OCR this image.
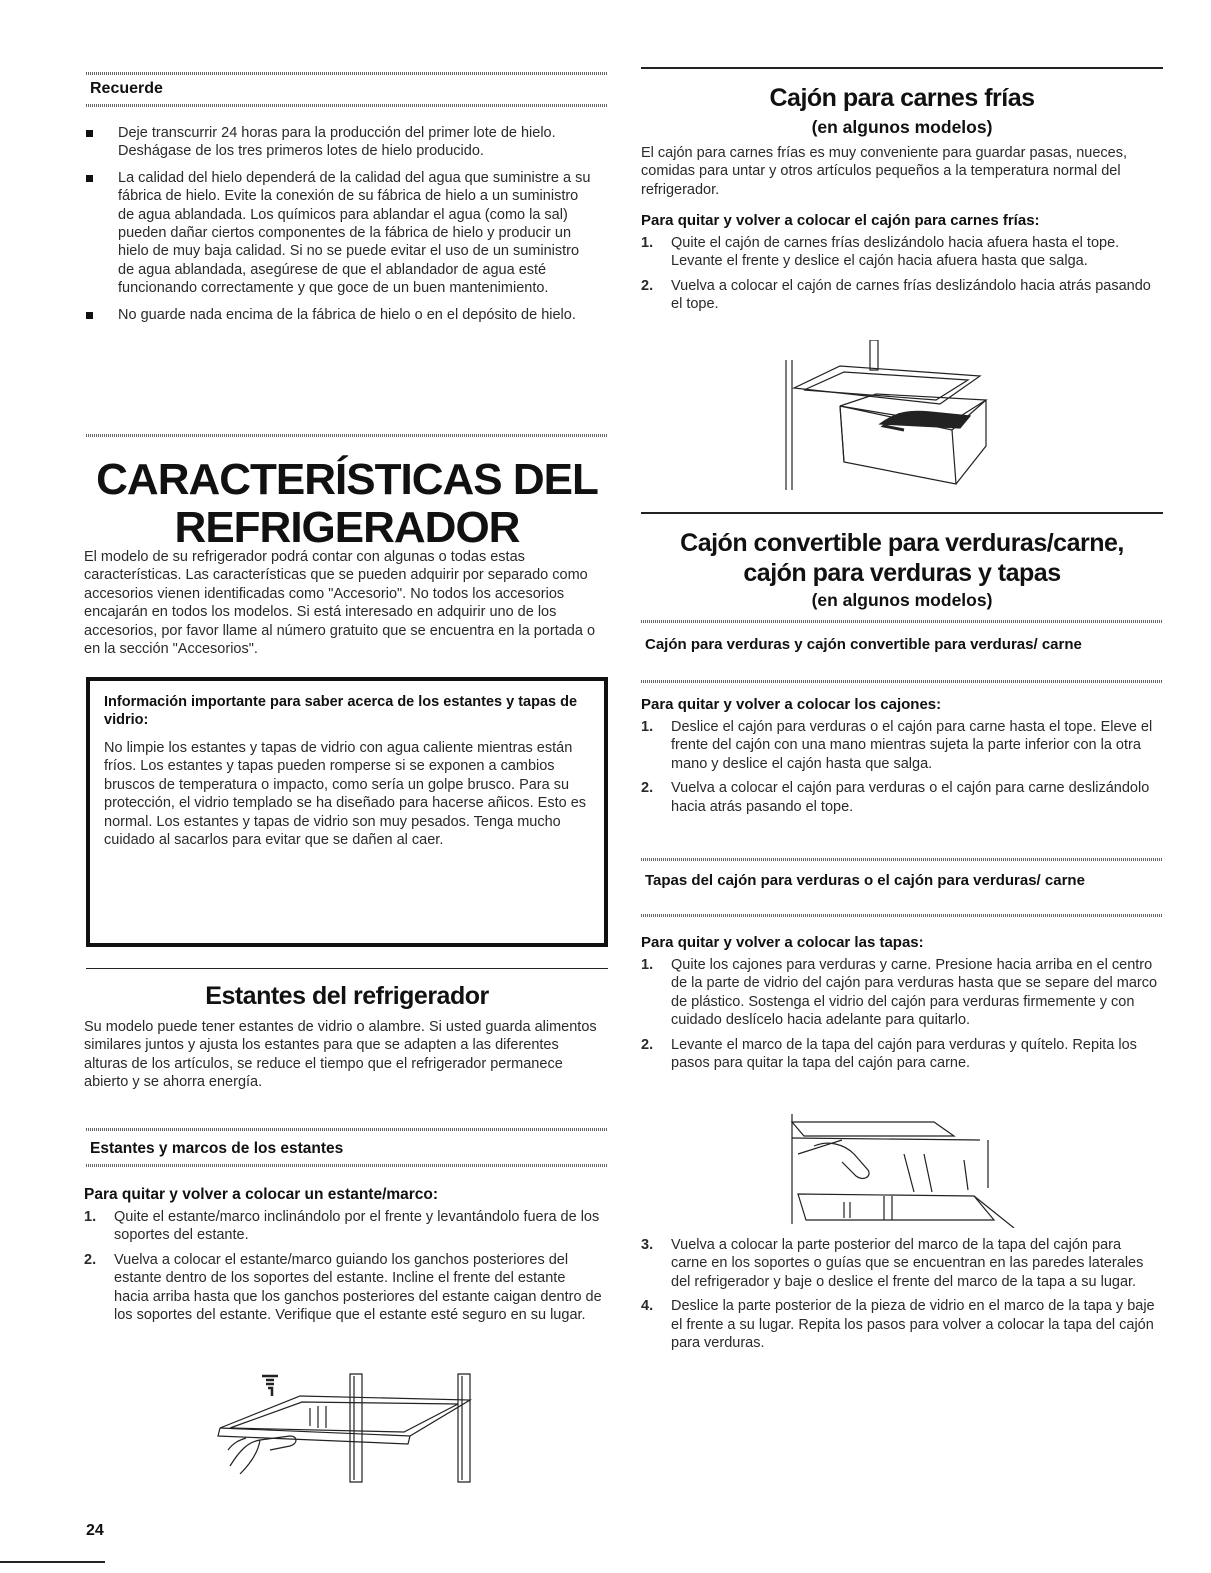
Recuerde
Deje transcurrir 24 horas para la producción del primer lote de hielo. Deshágase de los tres primeros lotes de hielo producido.
La calidad del hielo dependerá de la calidad del agua que suministre a su fábrica de hielo. Evite la conexión de su fábrica de hielo a un suministro de agua ablandada. Los químicos para ablandar el agua (como la sal) pueden dañar ciertos componentes de la fábrica de hielo y producir un hielo de muy baja calidad. Si no se puede evitar el uso de un suministro de agua ablandada, asegúrese de que el ablandador de agua esté funcionando correctamente y que goce de un buen mantenimiento.
No guarde nada encima de la fábrica de hielo o en el depósito de hielo.
CARACTERÍSTICAS DEL
REFRIGERADOR
El modelo de su refrigerador podrá contar con algunas o todas estas características. Las características que se pueden adquirir por separado como accesorios vienen identificadas como "Accesorio". No todos los accesorios encajarán en todos los modelos. Si está interesado en adquirir uno de los accesorios, por favor llame al número gratuito que se encuentra en la portada o en la sección "Accesorios".
Información importante para saber acerca de los estantes y tapas de vidrio:
No limpie los estantes y tapas de vidrio con agua caliente mientras están fríos. Los estantes y tapas pueden romperse si se exponen a cambios bruscos de temperatura o impacto, como sería un golpe brusco. Para su protección, el vidrio templado se ha diseñado para hacerse añicos. Esto es normal. Los estantes y tapas de vidrio son muy pesados. Tenga mucho cuidado al sacarlos para evitar que se dañen al caer.
Estantes del refrigerador
Su modelo puede tener estantes de vidrio o alambre. Si usted guarda alimentos similares juntos y ajusta los estantes para que se adapten a las diferentes alturas de los artículos, se reduce el tiempo que el refrigerador permanece abierto y se ahorra energía.
Estantes y marcos de los estantes
Para quitar y volver a colocar un estante/marco:
1. Quite el estante/marco inclinándolo por el frente y levantándolo fuera de los soportes del estante.
2. Vuelva a colocar el estante/marco guiando los ganchos posteriores del estante dentro de los soportes del estante. Incline el frente del estante hacia arriba hasta que los ganchos posteriores del estante caigan dentro de los soportes del estante. Verifique que el estante esté seguro en su lugar.
24
Cajón para carnes frías
(en algunos modelos)
El cajón para carnes frías es muy conveniente para guardar pasas, nueces, comidas para untar y otros artículos pequeños a la temperatura normal del refrigerador.
Para quitar y volver a colocar el cajón para carnes frías:
1. Quite el cajón de carnes frías deslizándolo hacia afuera hasta el tope. Levante el frente y deslice el cajón hacia afuera hasta que salga.
2. Vuelva a colocar el cajón de carnes frías deslizándolo hacia atrás pasando el tope.
Cajón convertible para verduras/carne,
cajón para verduras y tapas
(en algunos modelos)
Cajón para verduras y cajón convertible para verduras/ carne
Para quitar y volver a colocar los cajones:
1. Deslice el cajón para verduras o el cajón para carne hasta el tope. Eleve el frente del cajón con una mano mientras sujeta la parte inferior con la otra mano y deslice el cajón hasta que salga.
2. Vuelva a colocar el cajón para verduras o el cajón para carne deslizándolo hacia atrás pasando el tope.
Tapas del cajón para verduras o el cajón para verduras/ carne
Para quitar y volver a colocar las tapas:
1. Quite los cajones para verduras y carne. Presione hacia arriba en el centro de la parte de vidrio del cajón para verduras hasta que se separe del marco de plástico. Sostenga el vidrio del cajón para verduras firmemente y con cuidado deslícelo hacia adelante para quitarlo.
2. Levante el marco de la tapa del cajón para verduras y quítelo. Repita los pasos para quitar la tapa del cajón para carne.
3. Vuelva a colocar la parte posterior del marco de la tapa del cajón para carne en los soportes o guías que se encuentran en las paredes laterales del refrigerador y baje o deslice el frente del marco de la tapa a su lugar.
4. Deslice la parte posterior de la pieza de vidrio en el marco de la tapa y baje el frente a su lugar. Repita los pasos para volver a colocar la tapa del cajón para verduras.
